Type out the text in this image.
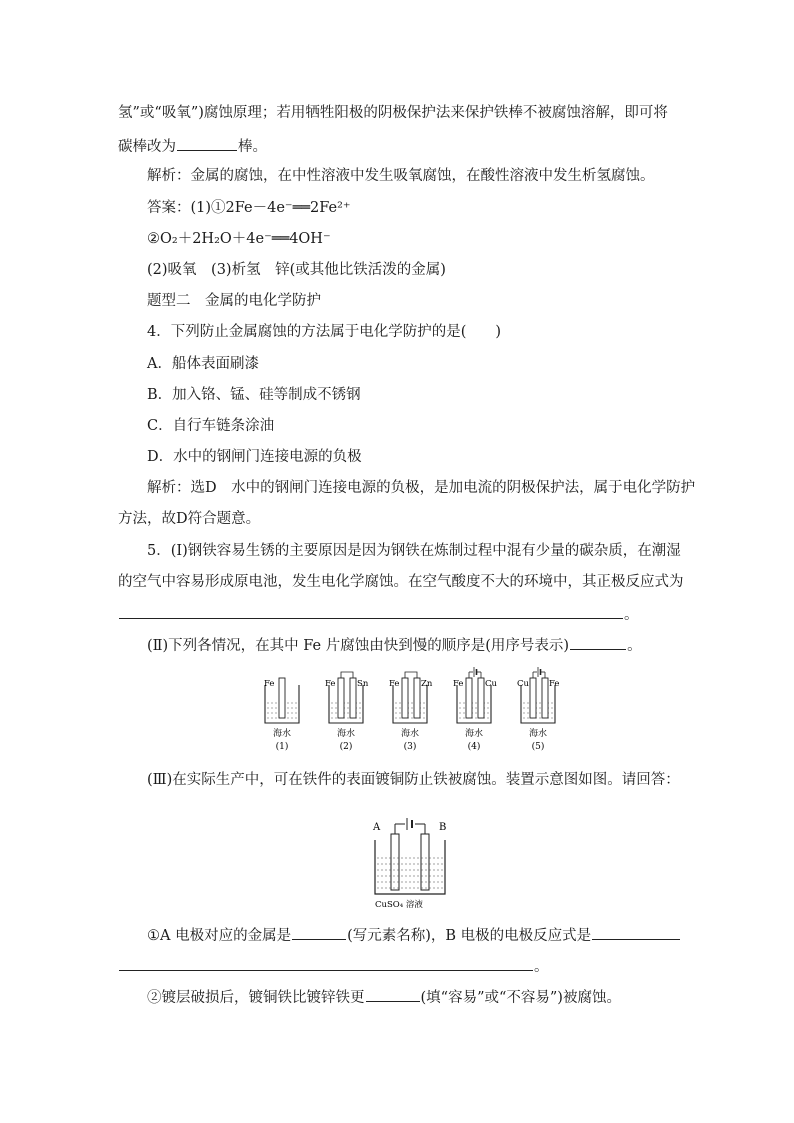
氢”或“吸氧”)腐蚀原理；若用牺牲阳极的阴极保护法来保护铁棒不被腐蚀溶解，即可将
碳棒改为	棒。
解析：金属的腐蚀，在中性溶液中发生吸氧腐蚀，在酸性溶液中发生析氢腐蚀。
答案：(1)①2Fe－4e⁻══2Fe²⁺
②O₂＋2H₂O＋4e⁻══4OH⁻
(2)吸氧　(3)析氢　锌(或其他比铁活泼的金属)
题型二　金属的电化学防护
4．下列防止金属腐蚀的方法属于电化学防护的是(　　)
A．船体表面刷漆
B．加入铬、锰、硅等制成不锈钢
C．自行车链条涂油
D．水中的钢闸门连接电源的负极
解析：选D　水中的钢闸门连接电源的负极，是加电流的阴极保护法，属于电化学防护
方法，故D符合题意。
5．(Ⅰ)钢铁容易生锈的主要原因是因为钢铁在炼制过程中混有少量的碳杂质，在潮湿
的空气中容易形成原电池，发生电化学腐蚀。在空气酸度不大的环境中，其正极反应式为
。
(Ⅱ)下列各情况，在其中 Fe 片腐蚀由快到慢的顺序是(用序号表示)	。
Fe
海水
(1)
Fe	Sn
海水
(2)
Fe	Zn
海水
(3)
Fe	Cu
海水
(4)
Cu Fe
海水
(5)
(Ⅲ)在实际生产中，可在铁件的表面镀铜防止铁被腐蚀。装置示意图如图。请回答：
A	B
CuSO₄ 溶液
①A 电极对应的金属是	(写元素名称)，B 电极的电极反应式是
。
②镀层破损后，镀铜铁比镀锌铁更	(填“容易”或“不容易”)被腐蚀。
